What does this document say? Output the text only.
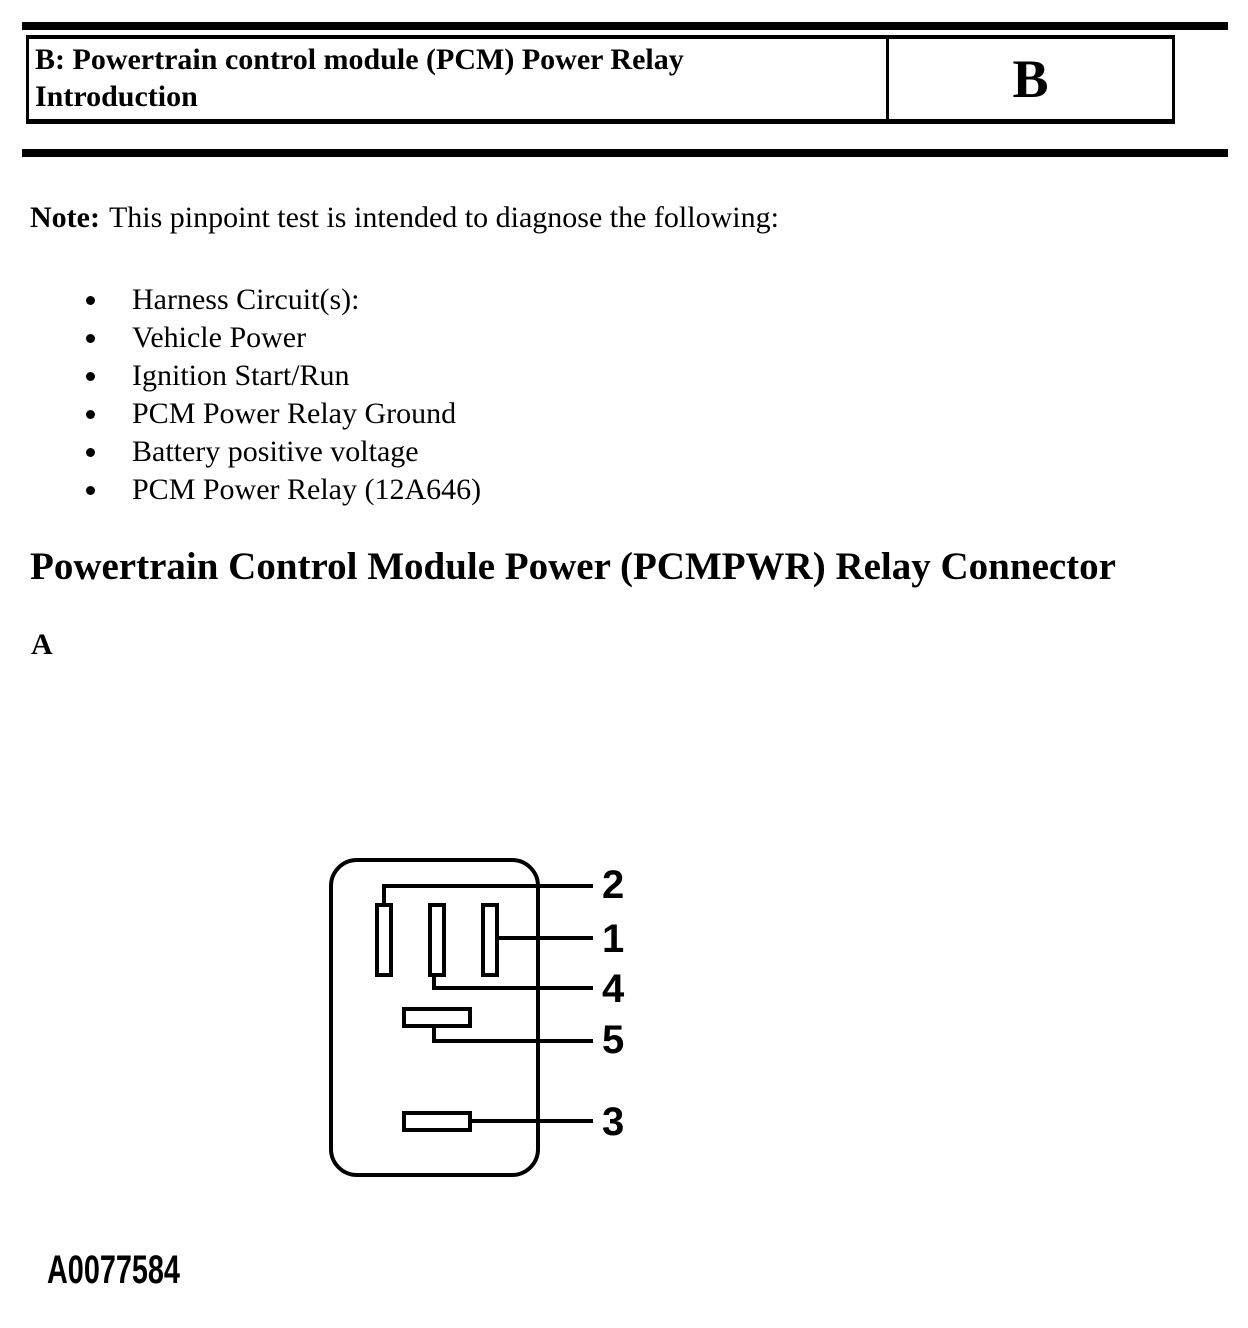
B: Powertrain control module (PCM) Power Relay
Introduction	B

Note: This pinpoint test is intended to diagnose the following:

Harness Circuit(s):
Vehicle Power
Ignition Start/Run
PCM Power Relay Ground
Battery positive voltage
PCM Power Relay (12A646)
Powertrain Control Module Power (PCMPWR) Relay Connector
A
2
1
4
5
3
A0077584
